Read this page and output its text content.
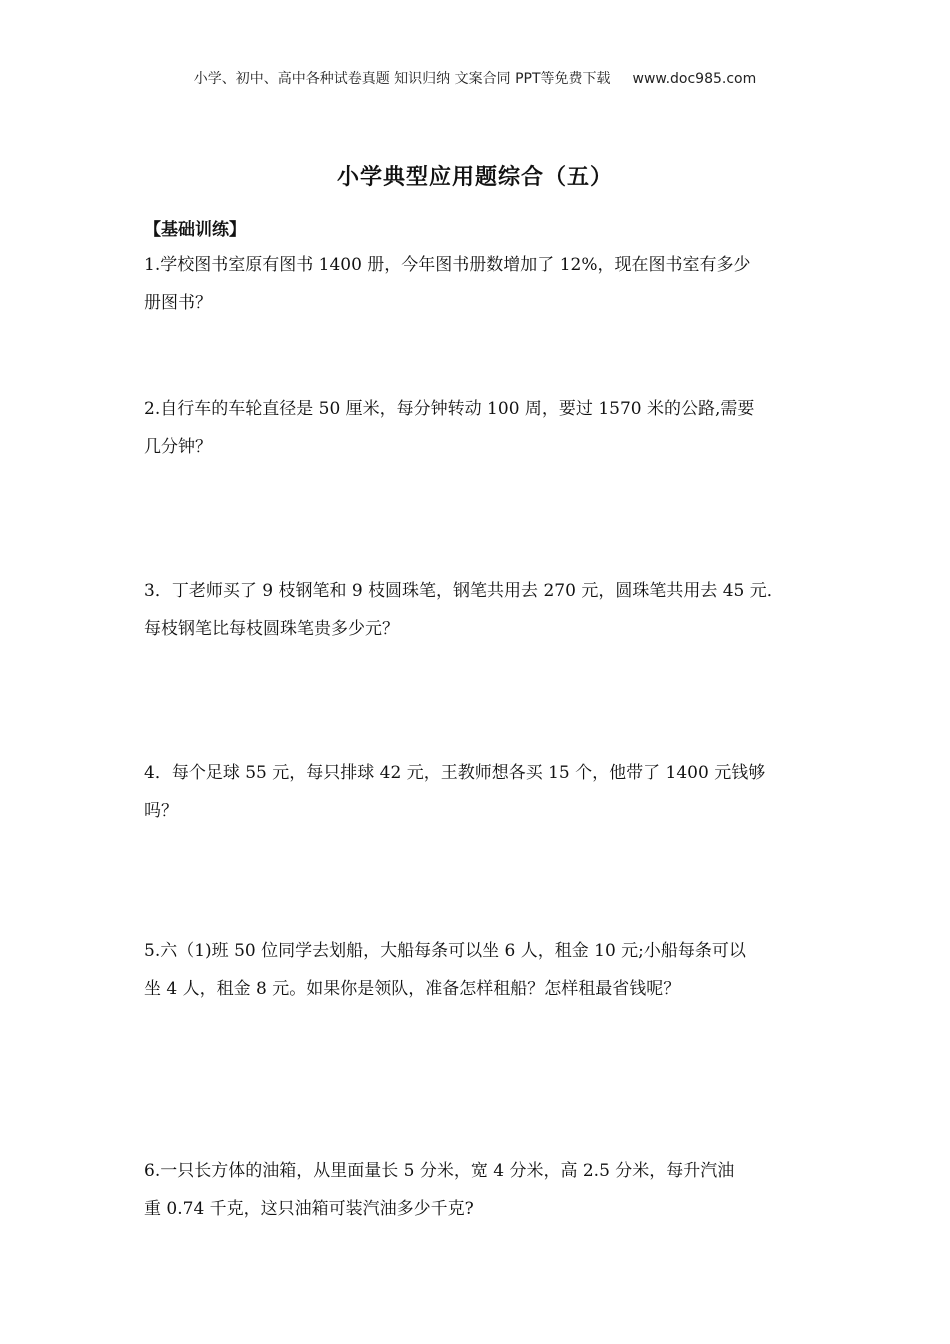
小学、初中、高中各种试卷真题 知识归纳 文案合同 PPT等免费下载 www.doc985.com
小学典型应用题综合（五）
【基础训练】
1.学校图书室原有图书 1400 册，今年图书册数增加了 12%，现在图书室有多少
册图书？
2.自行车的车轮直径是 50 厘米，每分钟转动 100 周，要过 1570 米的公路,需要
几分钟？
3．丁老师买了 9 枝钢笔和 9 枝圆珠笔，钢笔共用去 270 元，圆珠笔共用去 45 元．
每枝钢笔比每枝圆珠笔贵多少元？
4．每个足球 55 元，每只排球 42 元，王教师想各买 15 个，他带了 1400 元钱够
吗？
5.六（1)班 50 位同学去划船，大船每条可以坐 6 人，租金 10 元;小船每条可以
坐 4 人，租金 8 元。如果你是领队，准备怎样租船？怎样租最省钱呢？
6.一只长方体的油箱，从里面量长 5 分米，宽 4 分米，高 2.5 分米，每升汽油
重 0.74 千克，这只油箱可装汽油多少千克?
